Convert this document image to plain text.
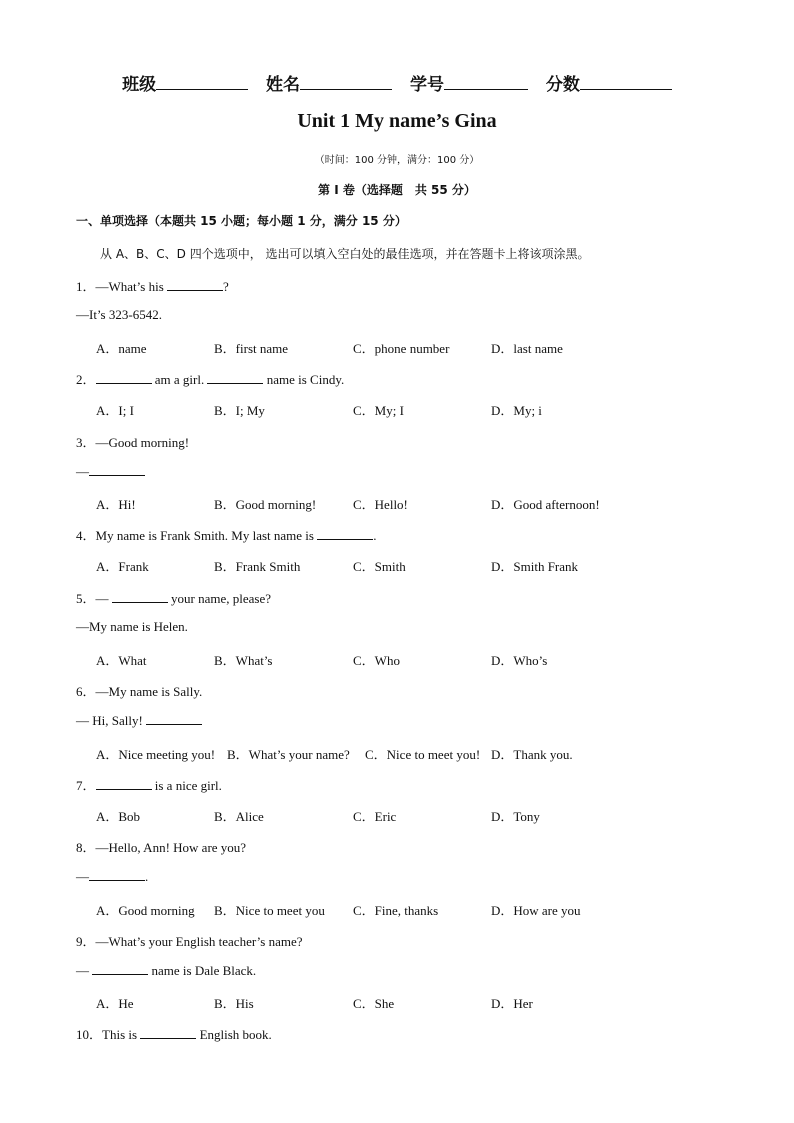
班级	姓名	学号	分数
Unit 1 My name’s Gina
（时间：100 分钟，满分：100 分）
第 I 卷（选择题　共 55 分）
一、单项选择（本题共 15 小题；每小题 1 分，满分 15 分）
从 A、B、C、D 四个选项中， 选出可以填入空白处的最佳选项，并在答题卡上将该项涂黑。
1．—What’s his	?
—It’s 323-6542.
A．name	B．first name	C．phone number	D．last name
2．	am a girl.	name is Cindy.
A．I; I	B．I; My	C．My; I	D．My; i
3．—Good morning!
—
A．Hi!	B．Good morning!	C．Hello!	D．Good afternoon!
4．My name is Frank Smith. My last name is	.
A．Frank	B．Frank Smith	C．Smith	D．Smith Frank
5．—	your name, please?
—My name is Helen.
A．What	B．What’s	C．Who	D．Who’s
6．—My name is Sally.
— Hi, Sally!
A．Nice meeting you! B．What’s your name? C．Nice to meet you! D．Thank you.
7．	is a nice girl.
A．Bob	B．Alice	C．Eric	D．Tony
8．—Hello, Ann! How are you?
—	.
A．Good morning B．Nice to meet you C．Fine, thanks	D．How are you
9．—What’s your English teacher’s name?
—	name is Dale Black.
A．He	B．His	C．She	D．Her
10．This is	English book.
